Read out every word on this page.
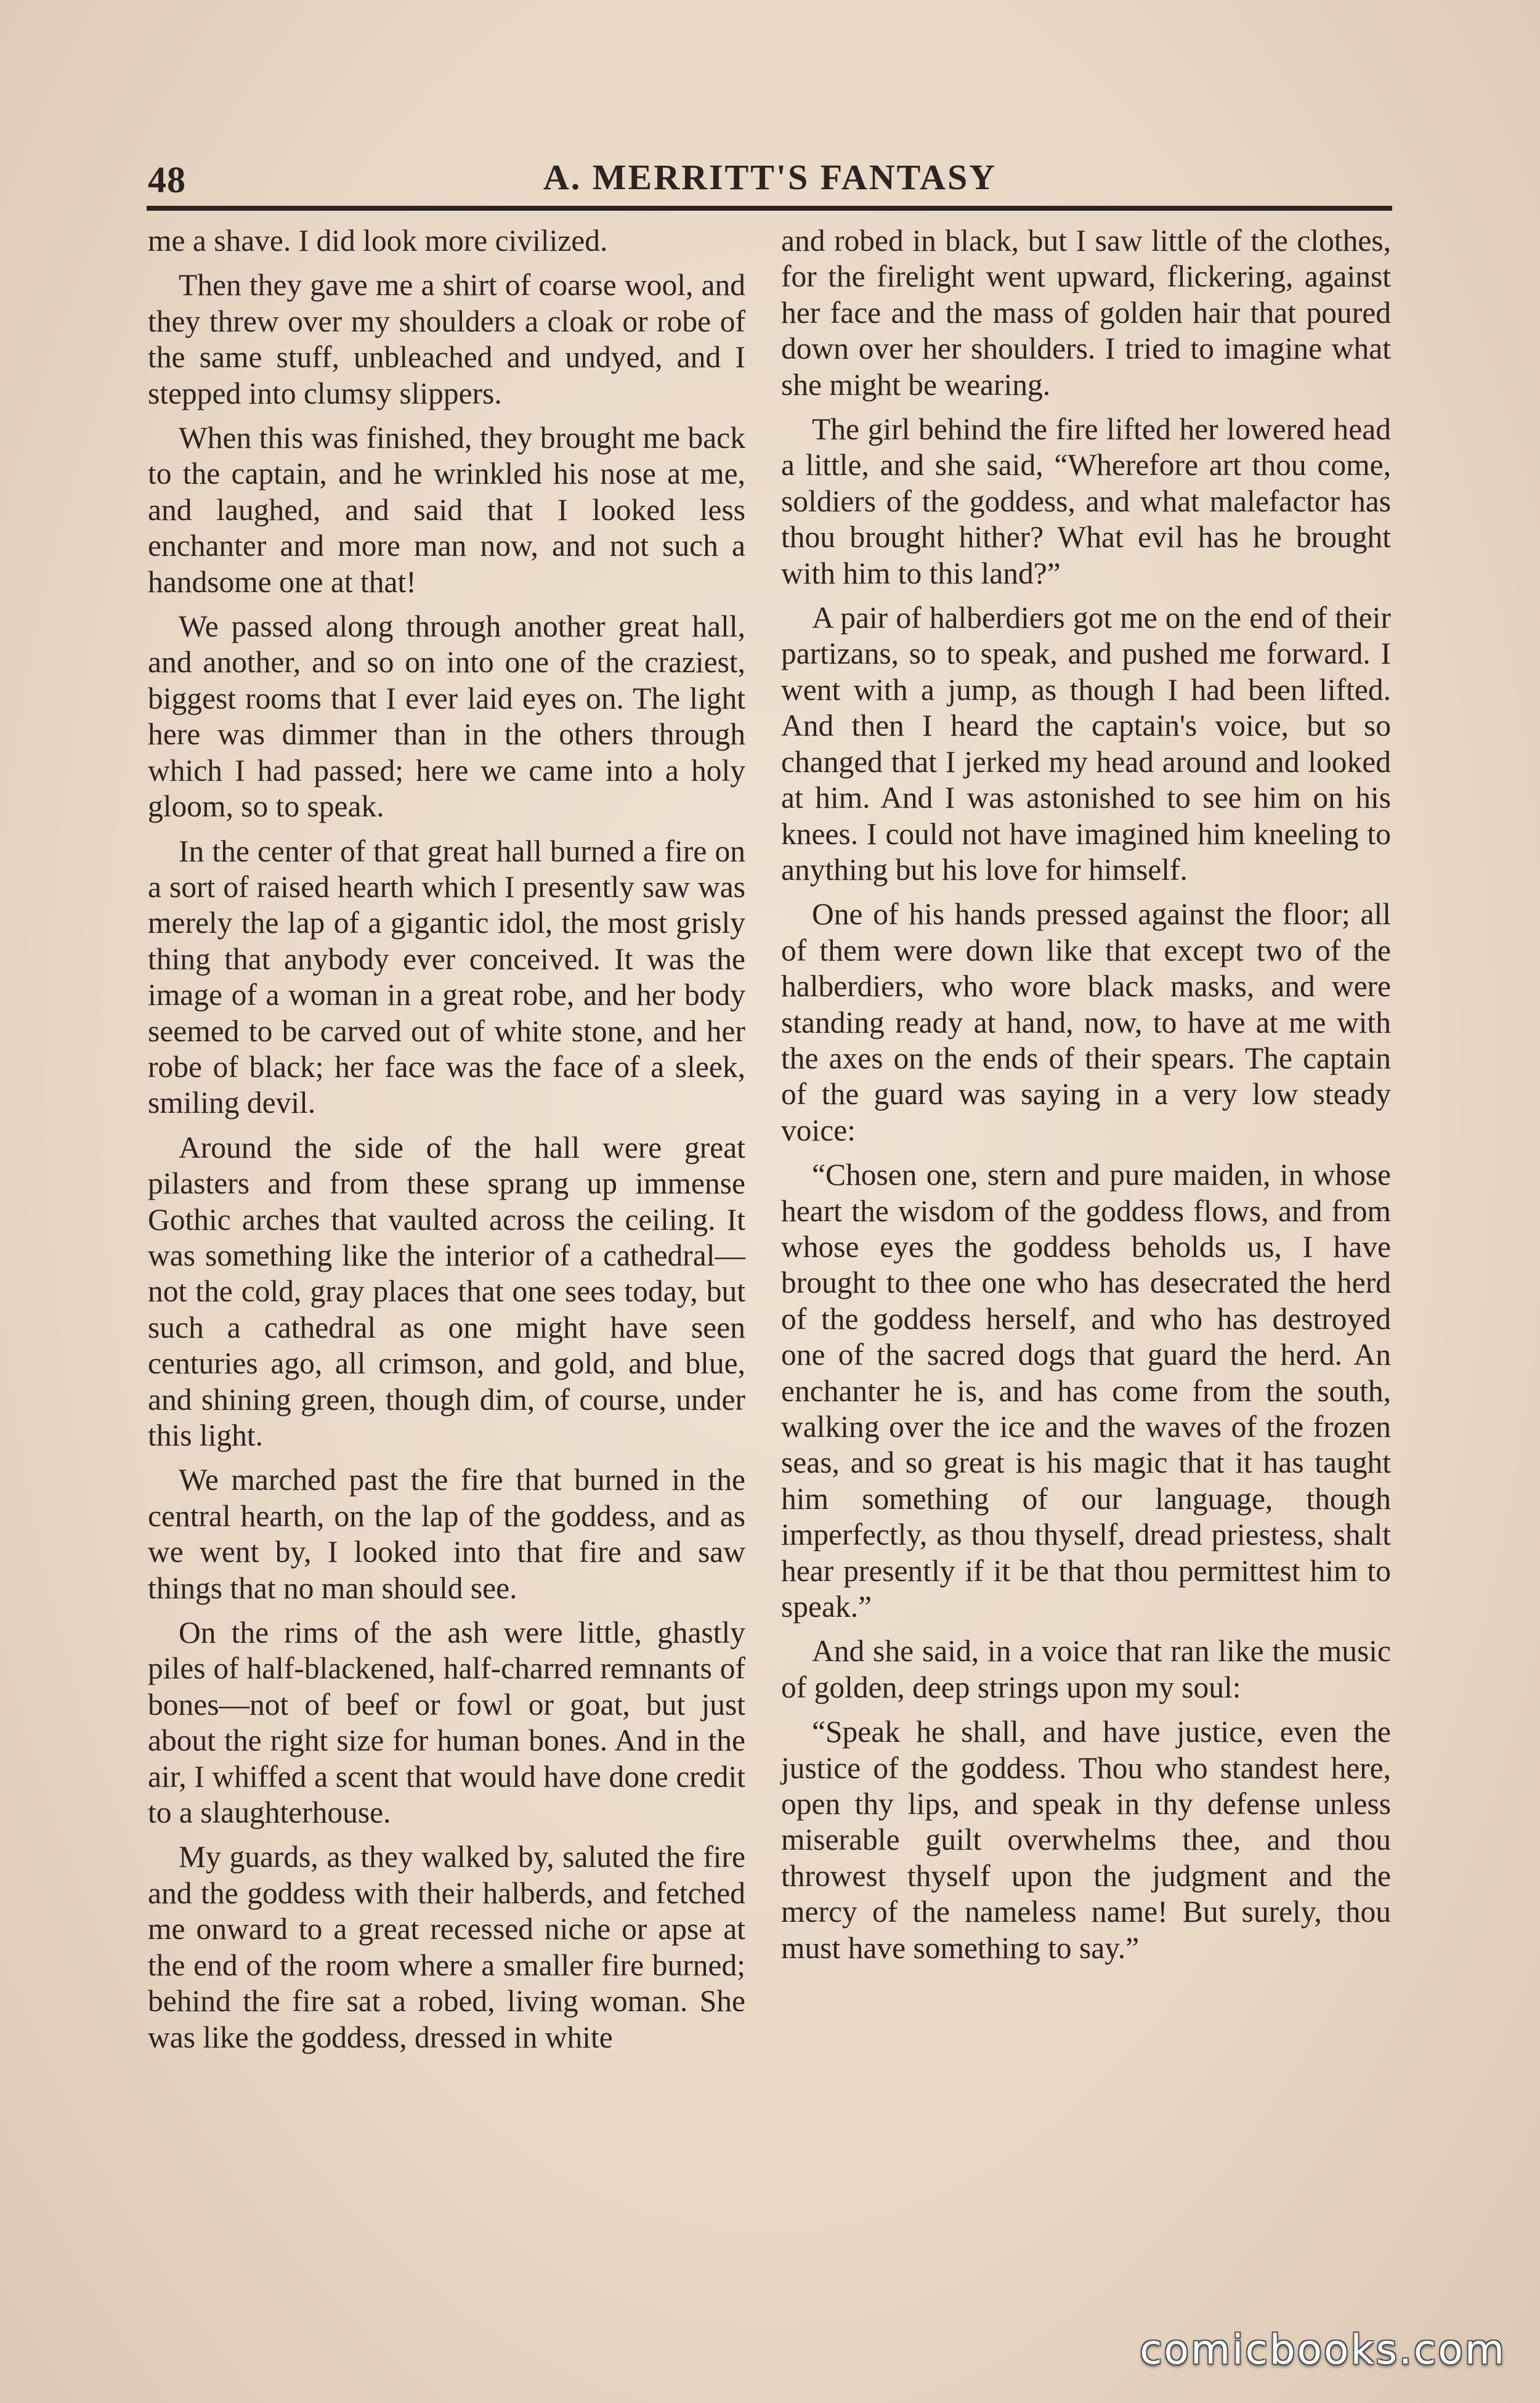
48	A. MERRITT'S FANTASY

me a shave. I did look more civilized.

Then they gave me a shirt of coarse wool, and they threw over my shoulders a cloak or robe of the same stuff, unbleached and undyed, and I stepped into clumsy slippers.

When this was finished, they brought me back to the captain, and he wrinkled his nose at me, and laughed, and said that I looked less enchanter and more man now, and not such a handsome one at that!

We passed along through another great hall, and another, and so on into one of the craziest, biggest rooms that I ever laid eyes on. The light here was dimmer than in the others through which I had passed; here we came into a holy gloom, so to speak.

In the center of that great hall burned a fire on a sort of raised hearth which I presently saw was merely the lap of a gigantic idol, the most grisly thing that anybody ever conceived. It was the image of a woman in a great robe, and her body seemed to be carved out of white stone, and her robe of black; her face was the face of a sleek, smiling devil.

Around the side of the hall were great pilasters and from these sprang up immense Gothic arches that vaulted across the ceiling. It was something like the interior of a cathedral—not the cold, gray places that one sees today, but such a cathedral as one might have seen centuries ago, all crimson, and gold, and blue, and shining green, though dim, of course, under this light.

We marched past the fire that burned in the central hearth, on the lap of the goddess, and as we went by, I looked into that fire and saw things that no man should see.

On the rims of the ash were little, ghastly piles of half-blackened, half-charred remnants of bones—not of beef or fowl or goat, but just about the right size for human bones. And in the air, I whiffed a scent that would have done credit to a slaughterhouse.

My guards, as they walked by, saluted the fire and the goddess with their halberds, and fetched me onward to a great recessed niche or apse at the end of the room where a smaller fire burned; behind the fire sat a robed, living woman. She was like the goddess, dressed in white

and robed in black, but I saw little of the clothes, for the firelight went upward, flickering, against her face and the mass of golden hair that poured down over her shoulders. I tried to imagine what she might be wearing.

The girl behind the fire lifted her lowered head a little, and she said, “Wherefore art thou come, soldiers of the goddess, and what malefactor has thou brought hither? What evil has he brought with him to this land?”

A pair of halberdiers got me on the end of their partizans, so to speak, and pushed me forward. I went with a jump, as though I had been lifted. And then I heard the captain's voice, but so changed that I jerked my head around and looked at him. And I was astonished to see him on his knees. I could not have imagined him kneeling to anything but his love for himself.

One of his hands pressed against the floor; all of them were down like that except two of the halberdiers, who wore black masks, and were standing ready at hand, now, to have at me with the axes on the ends of their spears. The captain of the guard was saying in a very low steady voice:

“Chosen one, stern and pure maiden, in whose heart the wisdom of the goddess flows, and from whose eyes the goddess beholds us, I have brought to thee one who has desecrated the herd of the goddess herself, and who has destroyed one of the sacred dogs that guard the herd. An enchanter he is, and has come from the south, walking over the ice and the waves of the frozen seas, and so great is his magic that it has taught him something of our language, though imperfectly, as thou thyself, dread priestess, shalt hear presently if it be that thou permittest him to speak.”

And she said, in a voice that ran like the music of golden, deep strings upon my soul:

“Speak he shall, and have justice, even the justice of the goddess. Thou who standest here, open thy lips, and speak in thy defense unless miserable guilt overwhelms thee, and thou throwest thyself upon the judgment and the mercy of the nameless name! But surely, thou must have something to say.”

comicbooks.com
